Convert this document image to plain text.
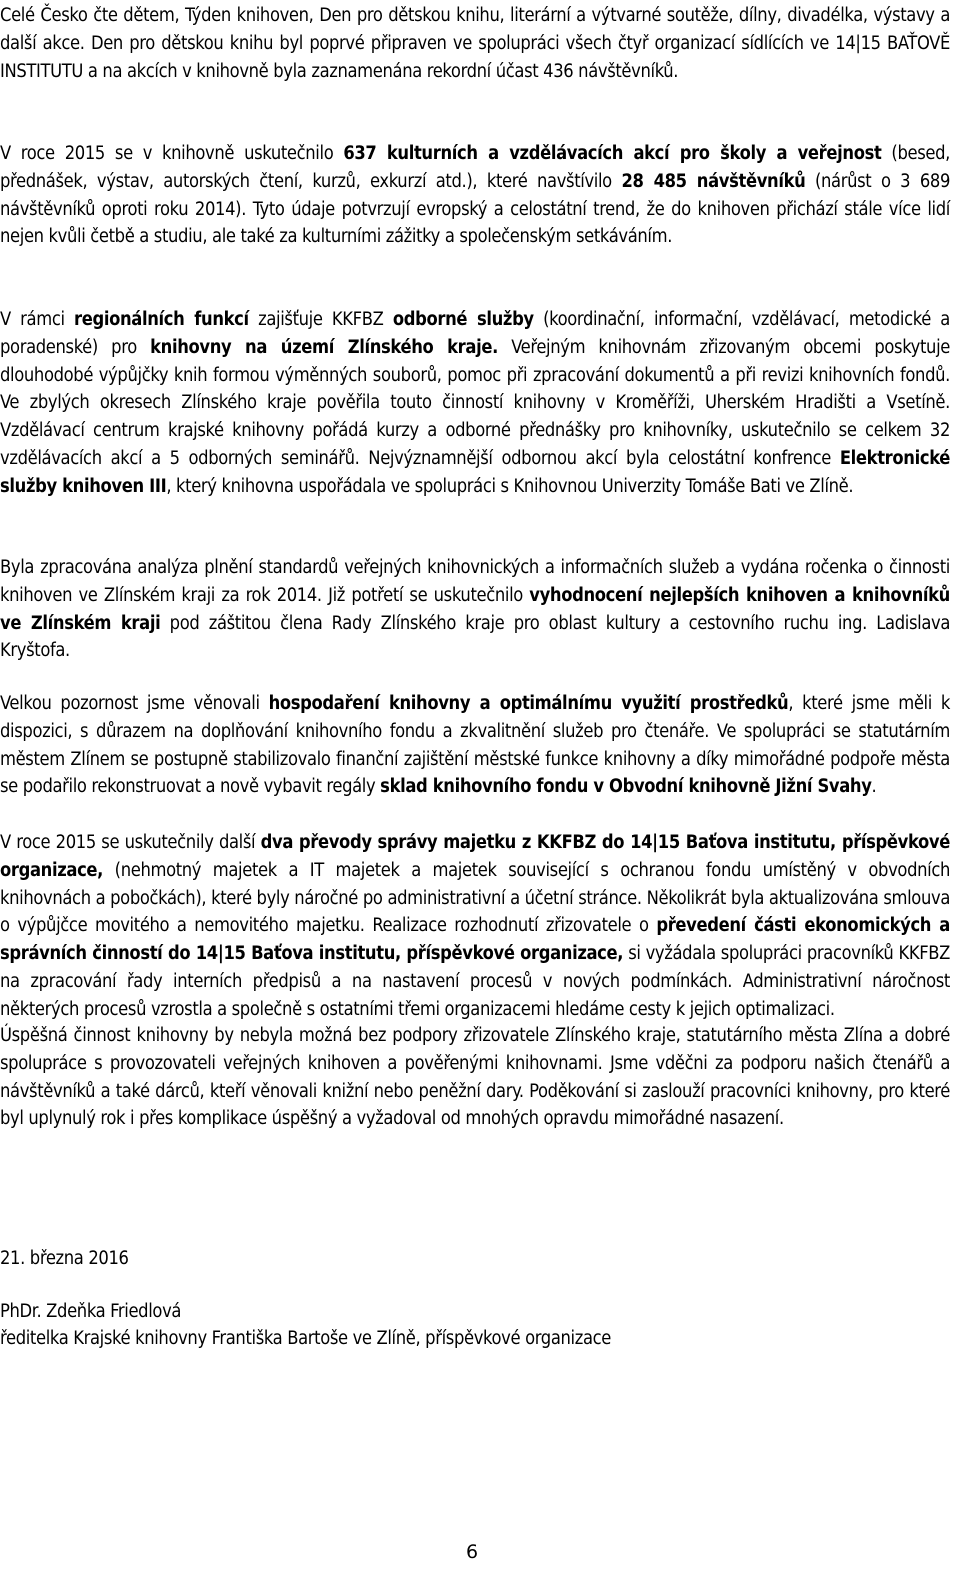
Celé Česko čte dětem, Týden knihoven, Den pro dětskou knihu, literární a výtvarné soutěže, dílny, divadélka, výstavy a další akce. Den pro dětskou knihu byl poprvé připraven ve spolupráci všech čtyř organizací sídlících ve 14|15 BAŤOVĚ INSTITUTU a na akcích v knihovně byla zaznamenána rekordní účast 436 návštěvníků.

V roce 2015 se v knihovně uskutečnilo 637 kulturních a vzdělávacích akcí pro školy a veřejnost (besed, přednášek, výstav, autorských čtení, kurzů, exkurzí atd.), které navštívilo 28 485 návštěvníků (nárůst o 3 689 návštěvníků oproti roku 2014). Tyto údaje potvrzují evropský a celostátní trend, že do knihoven přichází stále více lidí nejen kvůli četbě a studiu, ale také za kulturními zážitky a společenským setkáváním.

V rámci regionálních funkcí zajišťuje KKFBZ odborné služby (koordinační, informační, vzdělávací, metodické a poradenské) pro knihovny na území Zlínského kraje. Veřejným knihovnám zřizovaným obcemi poskytuje dlouhodobé výpůjčky knih formou výměnných souborů, pomoc při zpracování dokumentů a při revizi knihovních fondů. Ve zbylých okresech Zlínského kraje pověřila touto činností knihovny v Kroměříži, Uherském Hradišti a Vsetíně. Vzdělávací centrum krajské knihovny pořádá kurzy a odborné přednášky pro knihovníky, uskutečnilo se celkem 32 vzdělávacích akcí a 5 odborných seminářů. Nejvýznamnější odbornou akcí byla celostátní konfrence Elektronické služby knihoven III, který knihovna uspořádala ve spolupráci s Knihovnou Univerzity Tomáše Bati ve Zlíně.

Byla zpracována analýza plnění standardů veřejných knihovnických a informačních služeb a vydána ročenka o činnosti knihoven ve Zlínském kraji za rok 2014. Již potřetí se uskutečnilo vyhodnocení nejlepších knihoven a knihovníků ve Zlínském kraji pod záštitou člena Rady Zlínského kraje pro oblast kultury a cestovního ruchu ing. Ladislava Kryštofa.

Velkou pozornost jsme věnovali hospodaření knihovny a optimálnímu využití prostředků, které jsme měli k dispozici, s důrazem na doplňování knihovního fondu a zkvalitnění služeb pro čtenáře. Ve spolupráci se statutárním městem Zlínem se postupně stabilizovalo finanční zajištění městské funkce knihovny a díky mimořádné podpoře města se podařilo rekonstruovat a nově vybavit regály sklad knihovního fondu v Obvodní knihovně Jižní Svahy.

V roce 2015 se uskutečnily další dva převody správy majetku z KKFBZ do 14|15 Baťova institutu, příspěvkové organizace, (nehmotný majetek a IT majetek a majetek související s ochranou fondu umístěný v obvodních knihovnách a pobočkách), které byly náročné po administrativní a účetní stránce. Několikrát byla aktualizována smlouva o výpůjčce movitého a nemovitého majetku. Realizace rozhodnutí zřizovatele o převedení části ekonomických a správních činností do 14|15 Baťova institutu, příspěvkové organizace, si vyžádala spolupráci pracovníků KKFBZ na zpracování řady interních předpisů a na nastavení procesů v nových podmínkách. Administrativní náročnost některých procesů vzrostla a společně s ostatními třemi organizacemi hledáme cesty k jejich optimalizaci.

Úspěšná činnost knihovny by nebyla možná bez podpory zřizovatele Zlínského kraje, statutárního města Zlína a dobré spolupráce s provozovateli veřejných knihoven a pověřenými knihovnami. Jsme vděčni za podporu našich čtenářů a návštěvníků a také dárců, kteří věnovali knižní nebo peněžní dary. Poděkování si zaslouží pracovníci knihovny, pro které byl uplynulý rok i přes komplikace úspěšný a vyžadoval od mnohých opravdu mimořádné nasazení.

21. března 2016

PhDr. Zdeňka Friedlová

ředitelka Krajské knihovny Františka Bartoše ve Zlíně, příspěvkové organizace

6
